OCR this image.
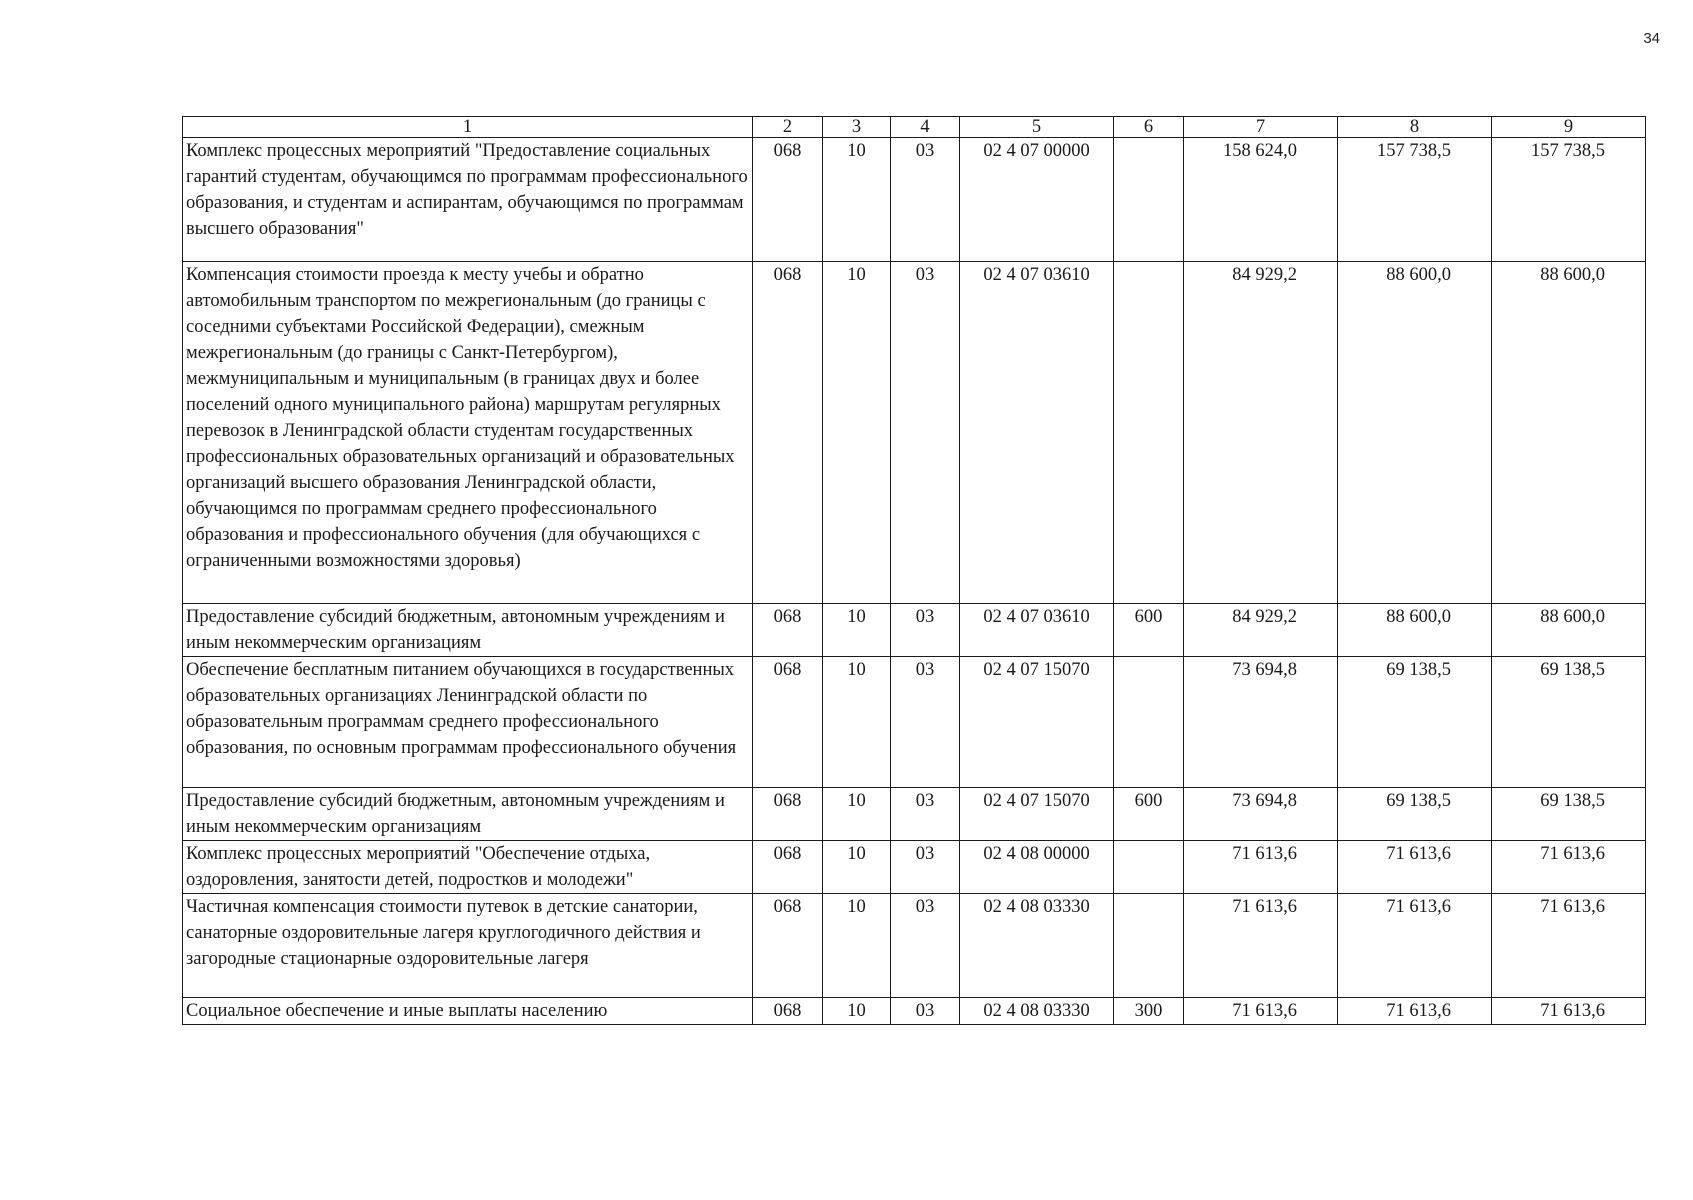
34
1	2	3	4	5	6	7	8	9
Комплекс процессных мероприятий "Предоставление социальных гарантий студентам, обучающимся по программам профессионального образования, и студентам и аспирантам, обучающимся по программам высшего образования"	068	10	03	02 4 07 00000		158 624,0	157 738,5	157 738,5
Компенсация стоимости проезда к месту учебы и обратно автомобильным транспортом по межрегиональным (до границы с соседними субъектами Российской Федерации), смежным межрегиональным (до границы с Санкт-Петербургом), межмуниципальным и муниципальным (в границах двух и более поселений одного муниципального района) маршрутам регулярных перевозок в Ленинградской области студентам государственных профессиональных образовательных организаций и образовательных организаций высшего образования Ленинградской области, обучающимся по программам среднего профессионального образования и профессионального обучения (для обучающихся с ограниченными возможностями здоровья)	068	10	03	02 4 07 03610		84 929,2	88 600,0	88 600,0
Предоставление субсидий бюджетным, автономным учреждениям и иным некоммерческим организациям	068	10	03	02 4 07 03610	600	84 929,2	88 600,0	88 600,0
Обеспечение бесплатным питанием обучающихся в государственных образовательных организациях Ленинградской области по образовательным программам среднего профессионального образования, по основным программам профессионального обучения	068	10	03	02 4 07 15070		73 694,8	69 138,5	69 138,5
Предоставление субсидий бюджетным, автономным учреждениям и иным некоммерческим организациям	068	10	03	02 4 07 15070	600	73 694,8	69 138,5	69 138,5
Комплекс процессных мероприятий "Обеспечение отдыха, оздоровления, занятости детей, подростков и молодежи"	068	10	03	02 4 08 00000		71 613,6	71 613,6	71 613,6
Частичная компенсация стоимости путевок в детские санатории, санаторные оздоровительные лагеря круглогодичного действия и загородные стационарные оздоровительные лагеря	068	10	03	02 4 08 03330		71 613,6	71 613,6	71 613,6
Социальное обеспечение и иные выплаты населению	068	10	03	02 4 08 03330	300	71 613,6	71 613,6	71 613,6
